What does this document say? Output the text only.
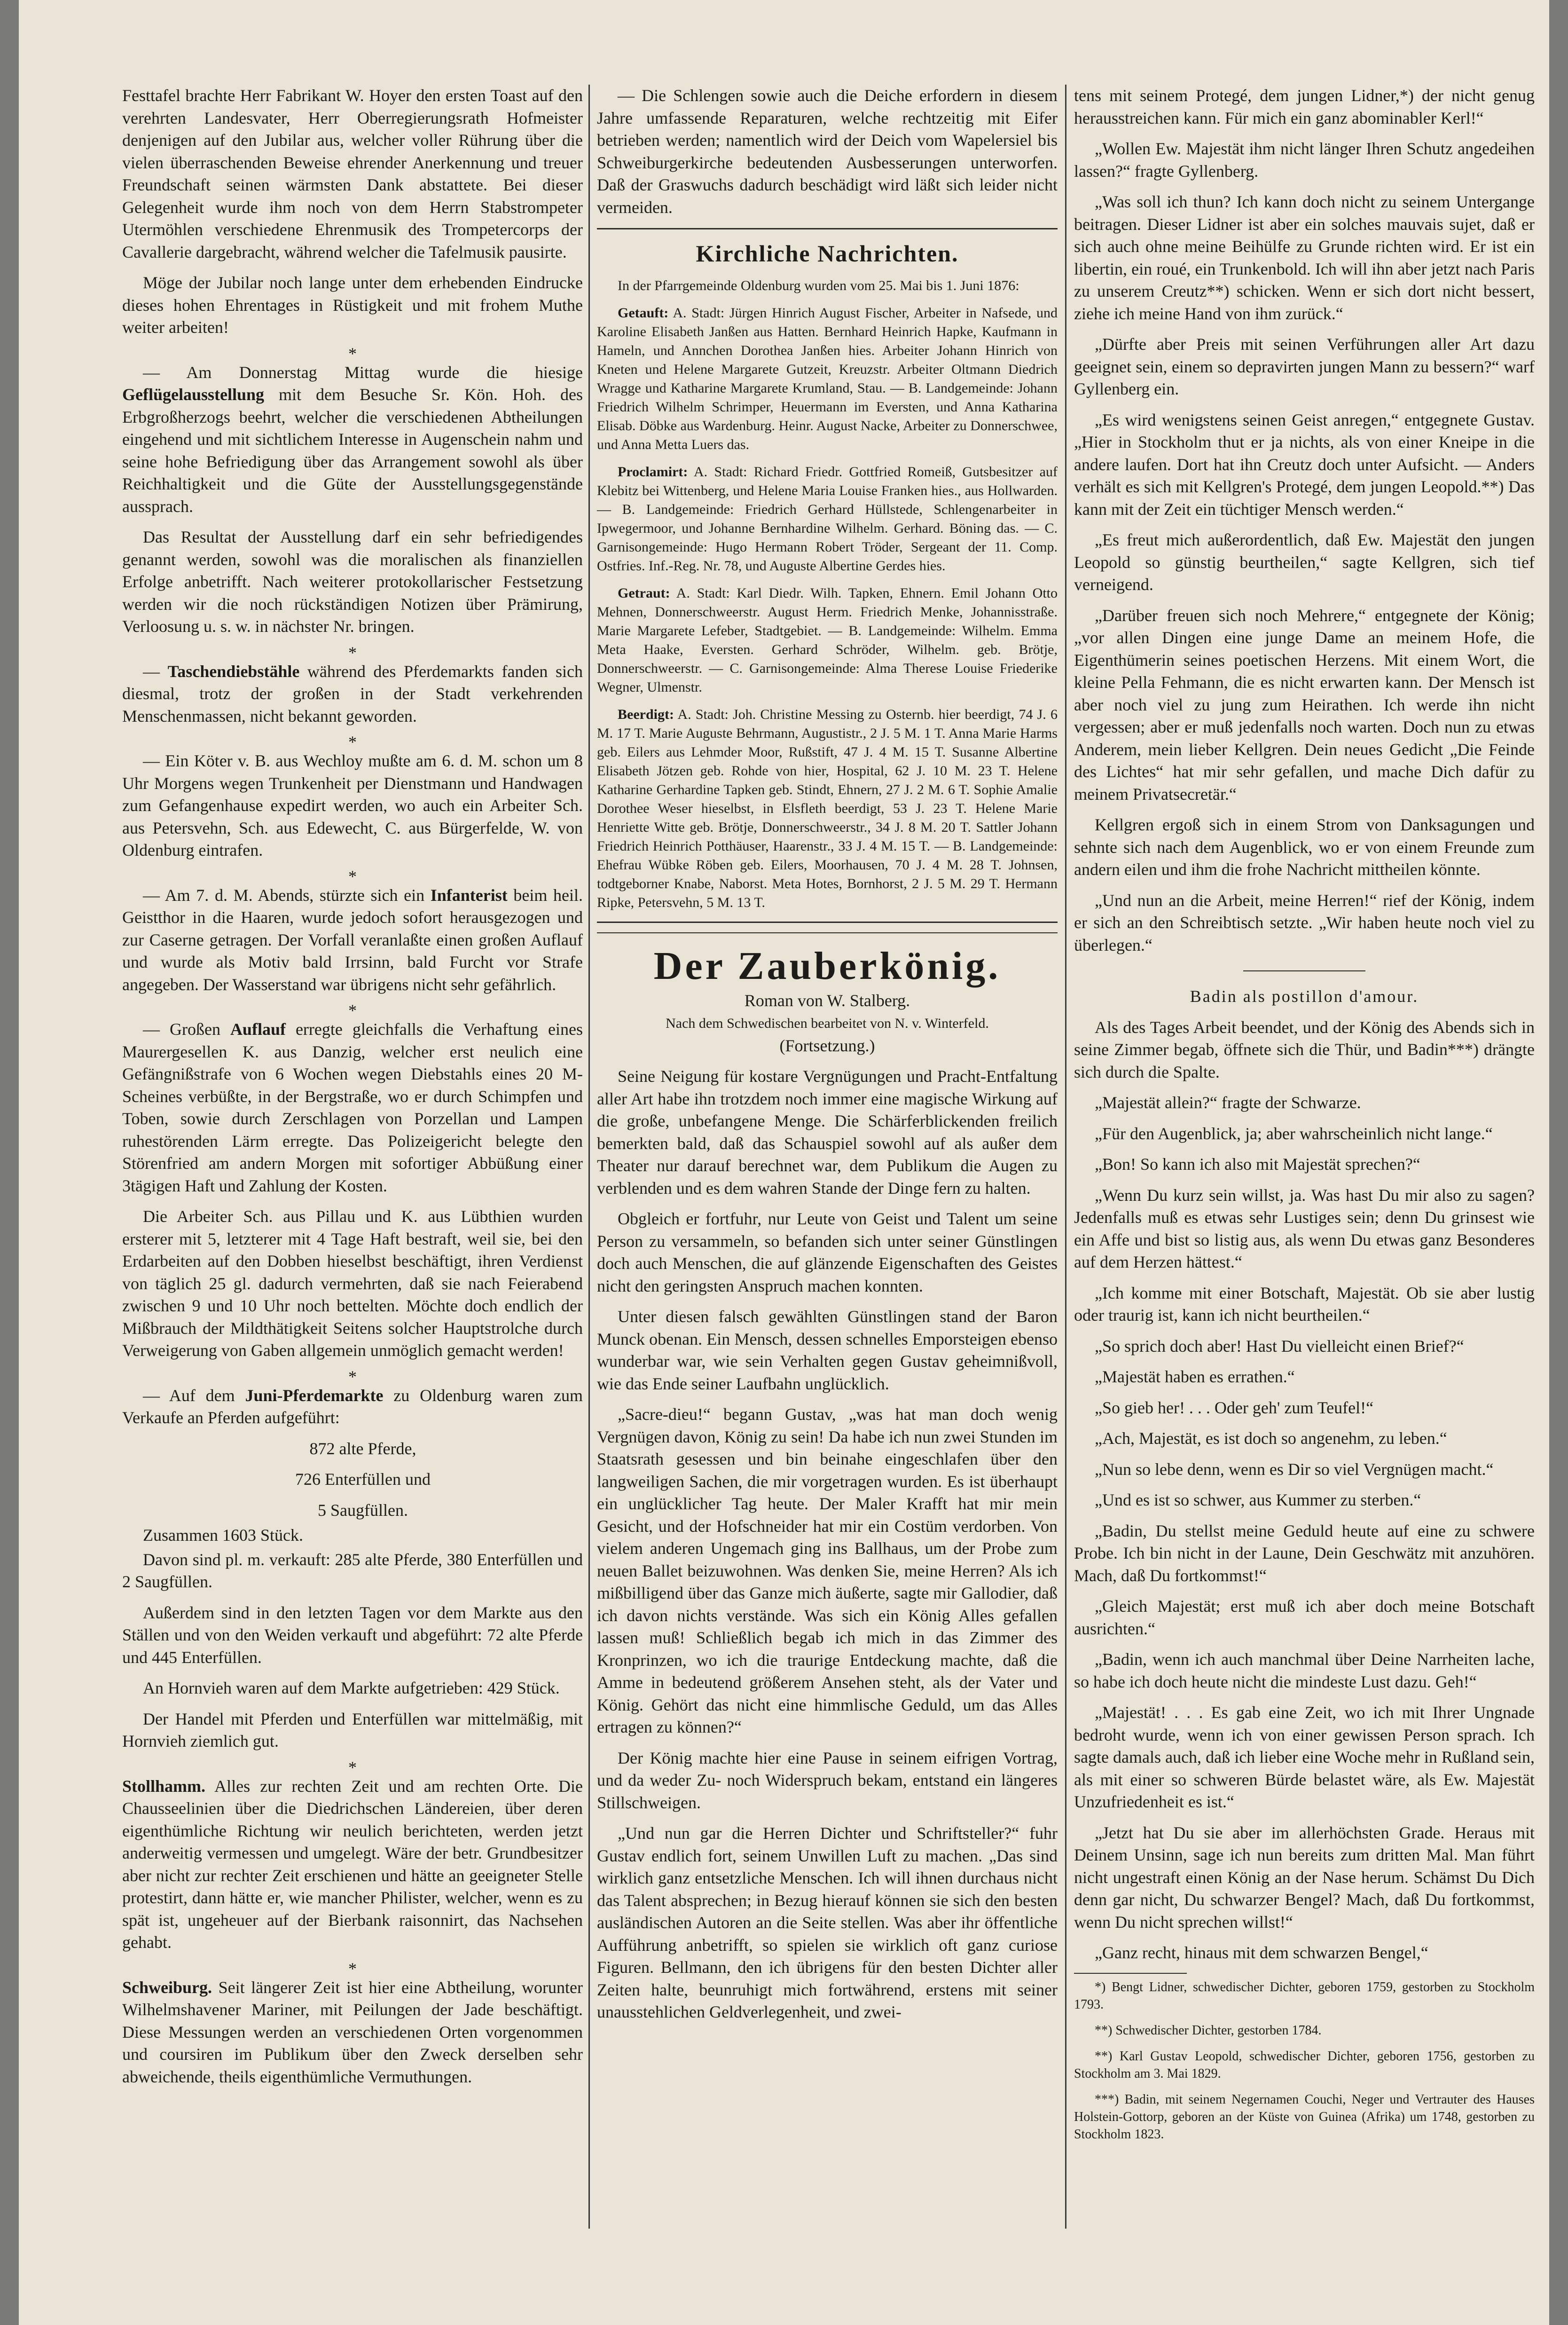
Festtafel brachte Herr Fabrikant W. Hoyer den ersten Toast auf den verehrten Landesvater, Herr Oberregierungsrath Hofmeister denjenigen auf den Jubilar aus, welcher voller Rührung über die vielen überraschenden Beweise ehrender Anerkennung und treuer Freundschaft seinen wärmsten Dank abstattete. Bei dieser Gelegenheit wurde ihm noch von dem Herrn Stabstrompeter Utermöhlen verschiedene Ehrenmusik des Trompetercorps der Cavallerie dargebracht, während welcher die Tafelmusik pausirte.

Möge der Jubilar noch lange unter dem erhebenden Eindrucke dieses hohen Ehrentages in Rüstigkeit und mit frohem Muthe weiter arbeiten!

*

— Am Donnerstag Mittag wurde die hiesige Geflügelausstellung mit dem Besuche Sr. Kön. Hoh. des Erbgroßherzogs beehrt, welcher die verschiedenen Abtheilungen eingehend und mit sichtlichem Interesse in Augenschein nahm und seine hohe Befriedigung über das Arrangement sowohl als über Reichhaltigkeit und die Güte der Ausstellungsgegenstände aussprach.

Das Resultat der Ausstellung darf ein sehr befriedigendes genannt werden, sowohl was die moralischen als finanziellen Erfolge anbetrifft. Nach weiterer protokollarischer Festsetzung werden wir die noch rückständigen Notizen über Prämirung, Verloosung u. s. w. in nächster Nr. bringen.

*

— Taschendiebstähle während des Pferdemarkts fanden sich diesmal, trotz der großen in der Stadt verkehrenden Menschenmassen, nicht bekannt geworden.

*

— Ein Köter v. B. aus Wechloy mußte am 6. d. M. schon um 8 Uhr Morgens wegen Trunkenheit per Dienstmann und Handwagen zum Gefangenhause expedirt werden, wo auch ein Arbeiter Sch. aus Petersvehn, Sch. aus Edewecht, C. aus Bürgerfelde, W. von Oldenburg eintrafen.

*

— Am 7. d. M. Abends, stürzte sich ein Infanterist beim heil. Geistthor in die Haaren, wurde jedoch sofort herausgezogen und zur Caserne getragen. Der Vorfall veranlaßte einen großen Auflauf und wurde als Motiv bald Irrsinn, bald Furcht vor Strafe angegeben. Der Wasserstand war übrigens nicht sehr gefährlich.

*

— Großen Auflauf erregte gleichfalls die Verhaftung eines Maurergesellen K. aus Danzig, welcher erst neulich eine Gefängnißstrafe von 6 Wochen wegen Diebstahls eines 20 M-Scheines verbüßte, in der Bergstraße, wo er durch Schimpfen und Toben, sowie durch Zerschlagen von Porzellan und Lampen ruhestörenden Lärm erregte. Das Polizeigericht belegte den Störenfried am andern Morgen mit sofortiger Abbüßung einer 3tägigen Haft und Zahlung der Kosten.

Die Arbeiter Sch. aus Pillau und K. aus Lübthien wurden ersterer mit 5, letzterer mit 4 Tage Haft bestraft, weil sie, bei den Erdarbeiten auf den Dobben hieselbst beschäftigt, ihren Verdienst von täglich 25 gl. dadurch vermehrten, daß sie nach Feierabend zwischen 9 und 10 Uhr noch bettelten. Möchte doch endlich der Mißbrauch der Mildthätigkeit Seitens solcher Hauptstrolche durch Verweigerung von Gaben allgemein unmöglich gemacht werden!

*

— Auf dem Juni-Pferdemarkte zu Oldenburg waren zum Verkaufe an Pferden aufgeführt:

872 alte Pferde,

726 Enterfüllen und

5 Saugfüllen.

Zusammen 1603 Stück.

Davon sind pl. m. verkauft: 285 alte Pferde, 380 Enterfüllen und 2 Saugfüllen.

Außerdem sind in den letzten Tagen vor dem Markte aus den Ställen und von den Weiden verkauft und abgeführt: 72 alte Pferde und 445 Enterfüllen.

An Hornvieh waren auf dem Markte aufgetrieben: 429 Stück.

Der Handel mit Pferden und Enterfüllen war mittelmäßig, mit Hornvieh ziemlich gut.

*

Stollhamm. Alles zur rechten Zeit und am rechten Orte. Die Chausseelinien über die Diedrichschen Ländereien, über deren eigenthümliche Richtung wir neulich berichteten, werden jetzt anderweitig vermessen und umgelegt. Wäre der betr. Grundbesitzer aber nicht zur rechter Zeit erschienen und hätte an geeigneter Stelle protestirt, dann hätte er, wie mancher Philister, welcher, wenn es zu spät ist, ungeheuer auf der Bierbank raisonnirt, das Nachsehen gehabt.

*

Schweiburg. Seit längerer Zeit ist hier eine Abtheilung, worunter Wilhelmshavener Mariner, mit Peilungen der Jade beschäftigt. Diese Messungen werden an verschiedenen Orten vorgenommen und coursiren im Publikum über den Zweck derselben sehr abweichende, theils eigenthümliche Vermuthungen.

— Die Schlengen sowie auch die Deiche erfordern in diesem Jahre umfassende Reparaturen, welche rechtzeitig mit Eifer betrieben werden; namentlich wird der Deich vom Wapelersiel bis Schweiburgerkirche bedeutenden Ausbesserungen unterworfen. Daß der Graswuchs dadurch beschädigt wird läßt sich leider nicht vermeiden.

Kirchliche Nachrichten.

In der Pfarrgemeinde Oldenburg wurden vom 25. Mai bis 1. Juni 1876:

Getauft: A. Stadt: Jürgen Hinrich August Fischer, Arbeiter in Nafsede, und Karoline Elisabeth Janßen aus Hatten. Bernhard Heinrich Hapke, Kaufmann in Hameln, und Annchen Dorothea Janßen hies. Arbeiter Johann Hinrich von Kneten und Helene Margarete Gutzeit, Kreuzstr. Arbeiter Oltmann Diedrich Wragge und Katharine Margarete Krumland, Stau. — B. Landgemeinde: Johann Friedrich Wilhelm Schrimper, Heuermann im Eversten, und Anna Katharina Elisab. Döbke aus Wardenburg. Heinr. August Nacke, Arbeiter zu Donnerschwee, und Anna Metta Luers das.

Proclamirt: A. Stadt: Richard Friedr. Gottfried Romeiß, Gutsbesitzer auf Klebitz bei Wittenberg, und Helene Maria Louise Franken hies., aus Hollwarden. — B. Landgemeinde: Friedrich Gerhard Hüllstede, Schlengenarbeiter in Ipwegermoor, und Johanne Bernhardine Wilhelm. Gerhard. Böning das. — C. Garnisongemeinde: Hugo Hermann Robert Tröder, Sergeant der 11. Comp. Ostfries. Inf.-Reg. Nr. 78, und Auguste Albertine Gerdes hies.

Getraut: A. Stadt: Karl Diedr. Wilh. Tapken, Ehnern. Emil Johann Otto Mehnen, Donnerschweerstr. August Herm. Friedrich Menke, Johannisstraße. Marie Margarete Lefeber, Stadtgebiet. — B. Landgemeinde: Wilhelm. Emma Meta Haake, Eversten. Gerhard Schröder, Wilhelm. geb. Brötje, Donnerschweerstr. — C. Garnisongemeinde: Alma Therese Louise Friederike Wegner, Ulmenstr.

Beerdigt: A. Stadt: Joh. Christine Messing zu Osternb. hier beerdigt, 74 J. 6 M. 17 T. Marie Auguste Behrmann, Augustistr., 2 J. 5 M. 1 T. Anna Marie Harms geb. Eilers aus Lehmder Moor, Rußstift, 47 J. 4 M. 15 T. Susanne Albertine Elisabeth Jötzen geb. Rohde von hier, Hospital, 62 J. 10 M. 23 T. Helene Katharine Gerhardine Tapken geb. Stindt, Ehnern, 27 J. 2 M. 6 T. Sophie Amalie Dorothee Weser hieselbst, in Elsfleth beerdigt, 53 J. 23 T. Helene Marie Henriette Witte geb. Brötje, Donnerschweerstr., 34 J. 8 M. 20 T. Sattler Johann Friedrich Heinrich Potthäuser, Haarenstr., 33 J. 4 M. 15 T. — B. Landgemeinde: Ehefrau Wübke Röben geb. Eilers, Moorhausen, 70 J. 4 M. 28 T. Johnsen, todtgeborner Knabe, Naborst. Meta Hotes, Bornhorst, 2 J. 5 M. 29 T. Hermann Ripke, Petersvehn, 5 M. 13 T.

Der Zauberkönig.

Roman von W. Stalberg.

Nach dem Schwedischen bearbeitet von N. v. Winterfeld.

(Fortsetzung.)

Seine Neigung für kostare Vergnügungen und Pracht-Entfaltung aller Art habe ihn trotzdem noch immer eine magische Wirkung auf die große, unbefangene Menge. Die Schärferblickenden freilich bemerkten bald, daß das Schauspiel sowohl auf als außer dem Theater nur darauf berechnet war, dem Publikum die Augen zu verblenden und es dem wahren Stande der Dinge fern zu halten.

Obgleich er fortfuhr, nur Leute von Geist und Talent um seine Person zu versammeln, so befanden sich unter seiner Günstlingen doch auch Menschen, die auf glänzende Eigenschaften des Geistes nicht den geringsten Anspruch machen konnten.

Unter diesen falsch gewählten Günstlingen stand der Baron Munck obenan. Ein Mensch, dessen schnelles Emporsteigen ebenso wunderbar war, wie sein Verhalten gegen Gustav geheimnißvoll, wie das Ende seiner Laufbahn unglücklich.

„Sacre-dieu!“ begann Gustav, „was hat man doch wenig Vergnügen davon, König zu sein! Da habe ich nun zwei Stunden im Staatsrath gesessen und bin beinahe eingeschlafen über den langweiligen Sachen, die mir vorgetragen wurden. Es ist überhaupt ein unglücklicher Tag heute. Der Maler Krafft hat mir mein Gesicht, und der Hofschneider hat mir ein Costüm verdorben. Von vielem anderen Ungemach ging ins Ballhaus, um der Probe zum neuen Ballet beizuwohnen. Was denken Sie, meine Herren? Als ich mißbilligend über das Ganze mich äußerte, sagte mir Gallodier, daß ich davon nichts verstände. Was sich ein König Alles gefallen lassen muß! Schließlich begab ich mich in das Zimmer des Kronprinzen, wo ich die traurige Entdeckung machte, daß die Amme in bedeutend größerem Ansehen steht, als der Vater und König. Gehört das nicht eine himmlische Geduld, um das Alles ertragen zu können?“

Der König machte hier eine Pause in seinem eifrigen Vortrag, und da weder Zu- noch Widerspruch bekam, entstand ein längeres Stillschweigen.

„Und nun gar die Herren Dichter und Schriftsteller?“ fuhr Gustav endlich fort, seinem Unwillen Luft zu machen. „Das sind wirklich ganz entsetzliche Menschen. Ich will ihnen durchaus nicht das Talent absprechen; in Bezug hierauf können sie sich den besten ausländischen Autoren an die Seite stellen. Was aber ihr öffentliche Aufführung anbetrifft, so spielen sie wirklich oft ganz curiose Figuren. Bellmann, den ich übrigens für den besten Dichter aller Zeiten halte, beunruhigt mich fortwährend, erstens mit seiner unausstehlichen Geldverlegenheit, und zwei-

tens mit seinem Protegé, dem jungen Lidner,*) der nicht genug herausstreichen kann. Für mich ein ganz abominabler Kerl!“

„Wollen Ew. Majestät ihm nicht länger Ihren Schutz angedeihen lassen?“ fragte Gyllenberg.

„Was soll ich thun? Ich kann doch nicht zu seinem Untergange beitragen. Dieser Lidner ist aber ein solches mauvais sujet, daß er sich auch ohne meine Beihülfe zu Grunde richten wird. Er ist ein libertin, ein roué, ein Trunkenbold. Ich will ihn aber jetzt nach Paris zu unserem Creutz**) schicken. Wenn er sich dort nicht bessert, ziehe ich meine Hand von ihm zurück.“

„Dürfte aber Preis mit seinen Verführungen aller Art dazu geeignet sein, einem so depravirten jungen Mann zu bessern?“ warf Gyllenberg ein.

„Es wird wenigstens seinen Geist anregen,“ entgegnete Gustav. „Hier in Stockholm thut er ja nichts, als von einer Kneipe in die andere laufen. Dort hat ihn Creutz doch unter Aufsicht. — Anders verhält es sich mit Kellgren's Protegé, dem jungen Leopold.**) Das kann mit der Zeit ein tüchtiger Mensch werden.“

„Es freut mich außerordentlich, daß Ew. Majestät den jungen Leopold so günstig beurtheilen,“ sagte Kellgren, sich tief verneigend.

„Darüber freuen sich noch Mehrere,“ entgegnete der König; „vor allen Dingen eine junge Dame an meinem Hofe, die Eigenthümerin seines poetischen Herzens. Mit einem Wort, die kleine Pella Fehmann, die es nicht erwarten kann. Der Mensch ist aber noch viel zu jung zum Heirathen. Ich werde ihn nicht vergessen; aber er muß jedenfalls noch warten. Doch nun zu etwas Anderem, mein lieber Kellgren. Dein neues Gedicht „Die Feinde des Lichtes“ hat mir sehr gefallen, und mache Dich dafür zu meinem Privatsecretär.“

Kellgren ergoß sich in einem Strom von Danksagungen und sehnte sich nach dem Augenblick, wo er von einem Freunde zum andern eilen und ihm die frohe Nachricht mittheilen könnte.

„Und nun an die Arbeit, meine Herren!“ rief der König, indem er sich an den Schreibtisch setzte. „Wir haben heute noch viel zu überlegen.“

Badin als postillon d'amour.

Als des Tages Arbeit beendet, und der König des Abends sich in seine Zimmer begab, öffnete sich die Thür, und Badin***) drängte sich durch die Spalte.

„Majestät allein?“ fragte der Schwarze.

„Für den Augenblick, ja; aber wahrscheinlich nicht lange.“

„Bon! So kann ich also mit Majestät sprechen?“

„Wenn Du kurz sein willst, ja. Was hast Du mir also zu sagen? Jedenfalls muß es etwas sehr Lustiges sein; denn Du grinsest wie ein Affe und bist so listig aus, als wenn Du etwas ganz Besonderes auf dem Herzen hättest.“

„Ich komme mit einer Botschaft, Majestät. Ob sie aber lustig oder traurig ist, kann ich nicht beurtheilen.“

„So sprich doch aber! Hast Du vielleicht einen Brief?“

„Majestät haben es errathen.“

„So gieb her! . . . Oder geh' zum Teufel!“

„Ach, Majestät, es ist doch so angenehm, zu leben.“

„Nun so lebe denn, wenn es Dir so viel Vergnügen macht.“

„Und es ist so schwer, aus Kummer zu sterben.“

„Badin, Du stellst meine Geduld heute auf eine zu schwere Probe. Ich bin nicht in der Laune, Dein Geschwätz mit anzuhören. Mach, daß Du fortkommst!“

„Gleich Majestät; erst muß ich aber doch meine Botschaft ausrichten.“

„Badin, wenn ich auch manchmal über Deine Narrheiten lache, so habe ich doch heute nicht die mindeste Lust dazu. Geh!“

„Majestät! . . . Es gab eine Zeit, wo ich mit Ihrer Ungnade bedroht wurde, wenn ich von einer gewissen Person sprach. Ich sagte damals auch, daß ich lieber eine Woche mehr in Rußland sein, als mit einer so schweren Bürde belastet wäre, als Ew. Majestät Unzufriedenheit es ist.“

„Jetzt hat Du sie aber im allerhöchsten Grade. Heraus mit Deinem Unsinn, sage ich nun bereits zum dritten Mal. Man führt nicht ungestraft einen König an der Nase herum. Schämst Du Dich denn gar nicht, Du schwarzer Bengel? Mach, daß Du fortkommst, wenn Du nicht sprechen willst!“

„Ganz recht, hinaus mit dem schwarzen Bengel,“

*) Bengt Lidner, schwedischer Dichter, geboren 1759, gestorben zu Stockholm 1793.

**) Schwedischer Dichter, gestorben 1784.

**) Karl Gustav Leopold, schwedischer Dichter, geboren 1756, gestorben zu Stockholm am 3. Mai 1829.

***) Badin, mit seinem Negernamen Couchi, Neger und Vertrauter des Hauses Holstein-Gottorp, geboren an der Küste von Guinea (Afrika) um 1748, gestorben zu Stockholm 1823.
